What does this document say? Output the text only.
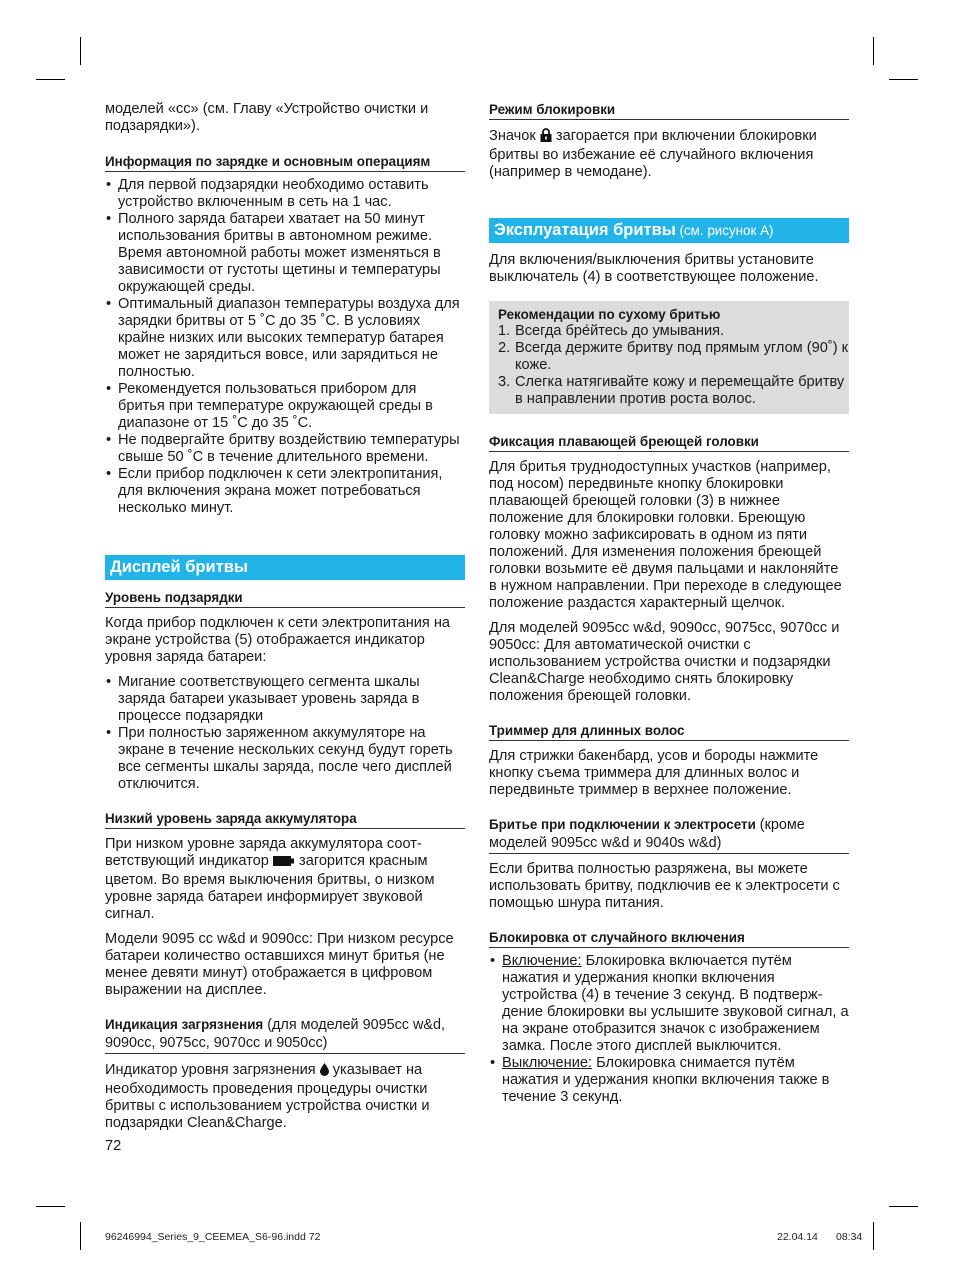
моделей «cc» (см. Главу «Устройство очистки и подзарядки»).

Информация по зарядке и основным операциям
• Для первой подзарядки необходимо оставить устройство включенным в сеть на 1 час.
• Полного заряда батареи хватает на 50 минут использования бритвы в автономном режиме. Время автономной работы может изменяться в зависимости от густоты щетины и температуры окружающей среды.
• Оптимальный диапазон температуры воздуха для зарядки бритвы от 5 ˚C до 35 ˚C. В условиях крайне низких или высоких температур батарея может не зарядиться вовсе, или зарядиться не полностью.
• Рекомендуется пользоваться прибором для бритья при температуре окружающей среды в диапазоне от 15 ˚C до 35 ˚C.
• Не подвергайте бритву воздействию температуры свыше 50 ˚C в течение длительного времени.
• Если прибор подключен к сети электропитания, для включения экрана может потребоваться несколько минут.
Дисплей бритвы
Уровень подзарядки

Когда прибор подключен к сети электропитания на экране устройства (5) отображается индикатор уровня заряда батареи:

• Мигание соответствующего сегмента шкалы заряда батареи указывает уровень заряда в процессе подзарядки
• При полностью заряженном аккумуляторе на экране в течение нескольких секунд будут гореть все сегменты шкалы заряда, после чего дисплей отключится.
Низкий уровень заряда аккумулятора

При низком уровне заряда аккумулятора соответствующий индикатор  загорится красным цветом. Во время выключения бритвы, о низком уровне заряда батареи информирует звуковой сигнал.

Модели 9095 cc w&d и 9090cc: При низком ресурсе батареи количество оставшихся минут бритья (не менее девяти минут) отображается в цифровом выражении на дисплее.

Индикация загрязнения (для моделей 9095cc w&d, 9090cc, 9075cc, 9070cc и 9050cc)

Индикатор уровня загрязнения  указывает на необходимость проведения процедуры очистки бритвы с использованием устройства очистки и подзарядки Clean&Charge.

72

Режим блокировки

Значок  загорается при включении блокировки бритвы во избежание её случайного включения (например в чемодане).

Эксплуатация бритвы (см. рисунок A)

Для включения/выключения бритвы установите выключатель (4) в соответствующее положение.

Рекомендации по сухому бритью
1. Всегда бре́йтесь до умывания.
2. Всегда держите бритву под прямым углом (90˚) к коже.
3. Слегка натягивайте кожу и перемещайте бритву в направлении против роста волос.
Фиксация плавающей бреющей головки

Для бритья труднодоступных участков (например, под носом) передвиньте кнопку блокировки плавающей бреющей головки (3) в нижнее положение для блокировки головки. Бреющую головку можно зафиксировать в одном из пяти положений. Для изменения положения бреющей головки возьмите её двумя пальцами и наклоняйте в нужном направлении. При переходе в следующее положение раздастся характерный щелчок.

Для моделей 9095cc w&d, 9090cc, 9075cc, 9070cc и 9050cc: Для автоматической очистки с использованием устройства очистки и подзарядки Clean&Charge необходимо снять блокировку положения бреющей головки.

Триммер для длинных волос

Для стрижки бакенбард, усов и бороды нажмите кнопку съема триммера для длинных волос и передвиньте триммер в верхнее положение.

Бритье при подключении к электросети (кроме моделей 9095cc w&d и 9040s w&d)

Если бритва полностью разряжена, вы можете использовать бритву, подключив ее к электросети с помощью шнура питания.

Блокировка от случайного включения
• Включение: Блокировка включается путём нажатия и удержания кнопки включения устройства (4) в течение 3 секунд. В подтверждение блокировки вы услышите звуковой сигнал, а на экране отобразится значок с изображением замка. После этого дисплей выключится.
• Выключение: Блокировка снимается путём нажатия и удержания кнопки включения также в течение 3 секунд.
96246994_Series_9_CEEMEA_S6-96.indd 72	22.04.14 08:34
